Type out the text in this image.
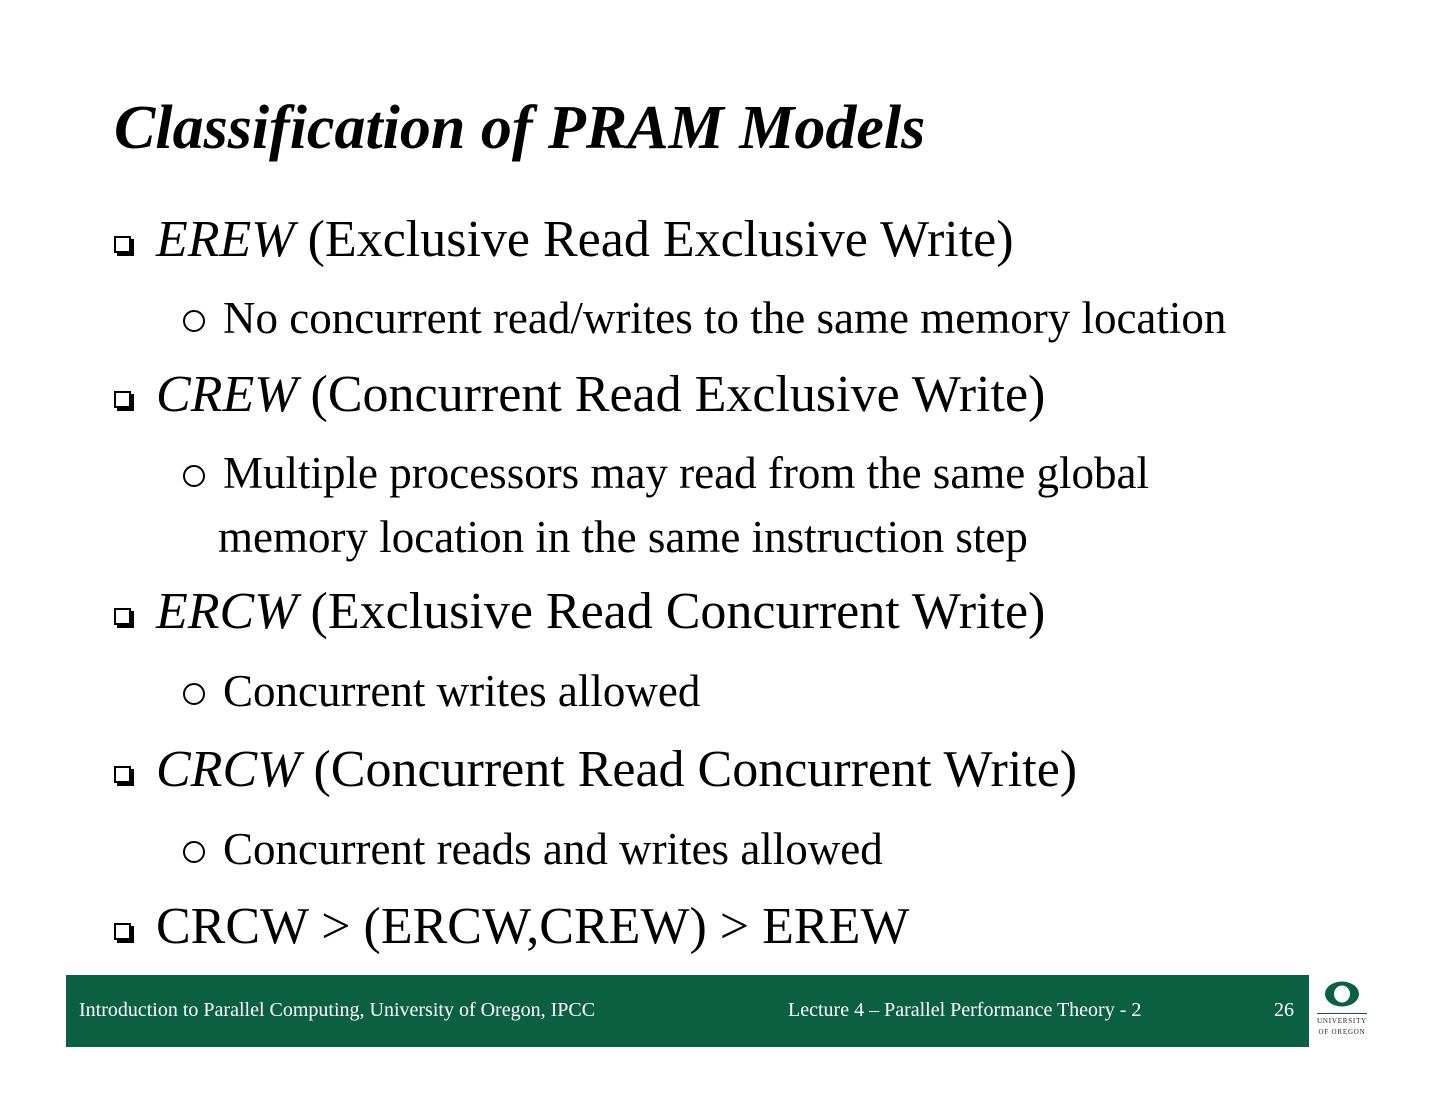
Classification of PRAM Models
EREW (Exclusive Read Exclusive Write)
No concurrent read/writes to the same memory location
CREW (Concurrent Read Exclusive Write)
Multiple processors may read from the same global
memory location in the same instruction step
ERCW (Exclusive Read Concurrent Write)
Concurrent writes allowed
CRCW (Concurrent Read Concurrent Write)
Concurrent reads and writes allowed
CRCW > (ERCW,CREW) > EREW
Introduction to Parallel Computing, University of Oregon, IPCC	Lecture 4 – Parallel Performance Theory - 2	26	UNIVERSITY
OF OREGON
